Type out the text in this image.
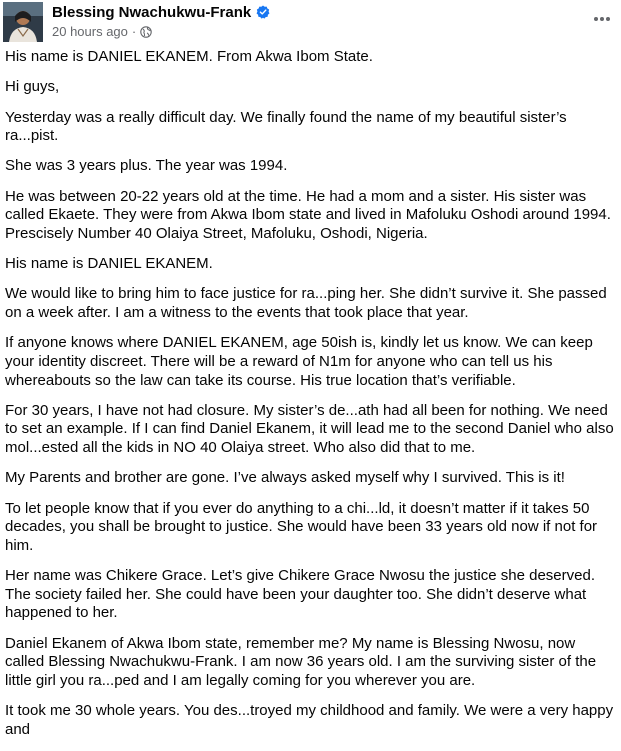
Blessing Nwachukwu-Frank
20 hours ago ·

His name is DANIEL EKANEM. From Akwa Ibom State.

Hi guys,

Yesterday was a really difficult day. We finally found the name of my beautiful sister’s ra...pist.

She was 3 years plus. The year was 1994.

He was between 20-22 years old at the time. He had a mom and a sister. His sister was called Ekaete. They were from Akwa Ibom state and lived in Mafoluku Oshodi around 1994. Prescisely Number 40 Olaiya Street, Mafoluku, Oshodi, Nigeria.

His name is DANIEL EKANEM.

We would like to bring him to face justice for ra...ping her. She didn’t survive it. She passed on a week after. I am a witness to the events that took place that year.

If anyone knows where DANIEL EKANEM, age 50ish is, kindly let us know. We can keep your identity discreet. There will be a reward of N1m for anyone who can tell us his whereabouts so the law can take its course. His true location that’s verifiable.

For 30 years, I have not had closure. My sister’s de...ath had all been for nothing. We need to set an example. If I can find Daniel Ekanem, it will lead me to the second Daniel who also mol...ested all the kids in NO 40 Olaiya street. Who also did that to me.

My Parents and brother are gone. I’ve always asked myself why I survived. This is it!

To let people know that if you ever do anything to a chi...ld, it doesn’t matter if it takes 50 decades, you shall be brought to justice. She would have been 33 years old now if not for him.

Her name was Chikere Grace. Let’s give Chikere Grace Nwosu the justice she deserved. The society failed her. She could have been your daughter too. She didn’t deserve what happened to her.

Daniel Ekanem of Akwa Ibom state, remember me? My name is Blessing Nwosu, now called Blessing Nwachukwu-Frank. I am now 36 years old. I am the surviving sister of the little girl you ra...ped and I am legally coming for you wherever you are.

It took me 30 whole years. You des...troyed my childhood and family. We were a very happy and
